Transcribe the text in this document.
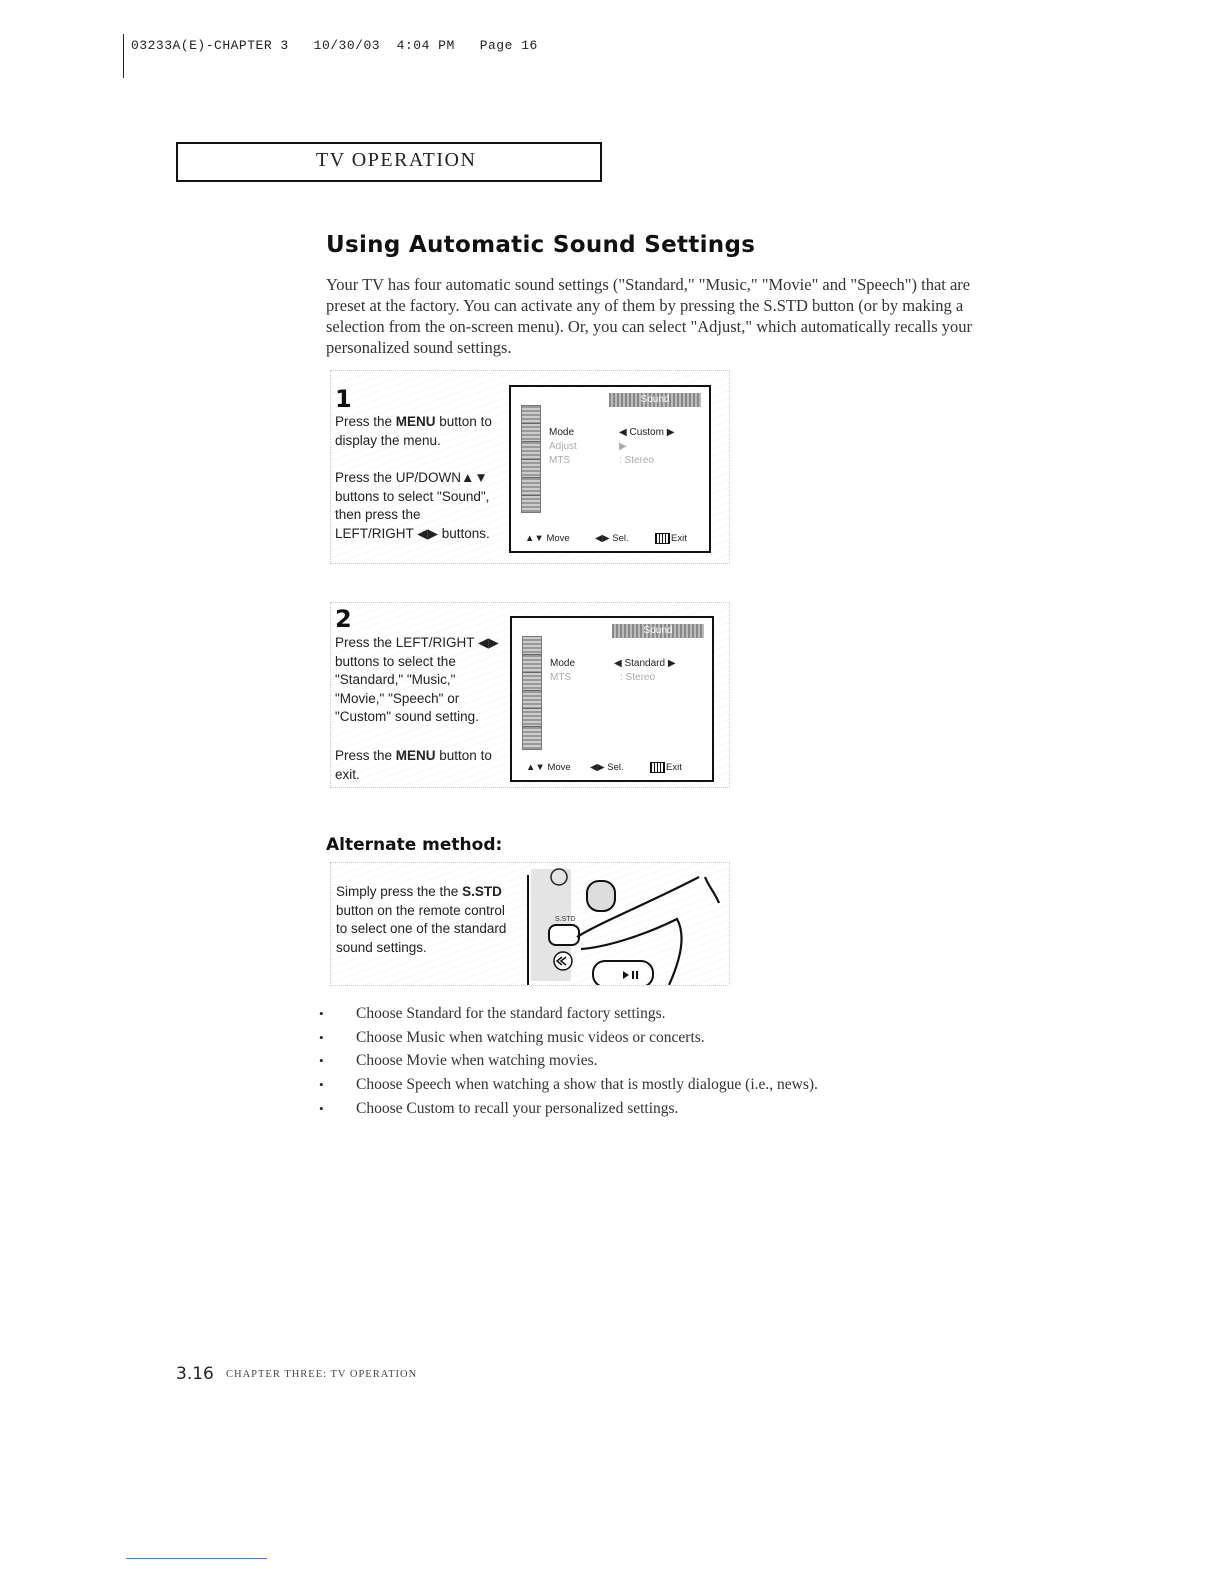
03233A(E)-CHAPTER 3 10/30/03 4:04 PM Page 16
TV OPERATION
Using Automatic Sound Settings
Your TV has four automatic sound settings ("Standard," "Music," "Movie" and "Speech") that are preset at the factory. You can activate any of them by pressing the S.STD button (or by making a selection from the on-screen menu). Or, you can select "Adjust," which automatically recalls your personalized sound settings.
1
Press the MENU button to display the menu.
Press the UP/DOWN▲▼ buttons to select "Sound", then press the LEFT/RIGHT ◀▶ buttons.
Sound
Mode	◀ Custom ▶
Adjust	▶
MTS	: Stereo
▲▼ Move	◀▶ Sel.	Exit
2
Press the LEFT/RIGHT ◀▶ buttons to select the "Standard," "Music," "Movie," "Speech" or "Custom" sound setting.
Press the MENU button to exit.
Sound
Mode	◀ Standard ▶
MTS	: Stereo
▲▼ Move ◀▶ Sel.	Exit
Alternate method:
Simply press the the S.STD button on the remote control to select one of the standard sound settings.
S.STD
• Choose Standard for the standard factory settings.
• Choose Music when watching music videos or concerts.
• Choose Movie when watching movies.
• Choose Speech when watching a show that is mostly dialogue (i.e., news).
• Choose Custom to recall your personalized settings.
3.16 CHAPTER THREE: TV OPERATION
